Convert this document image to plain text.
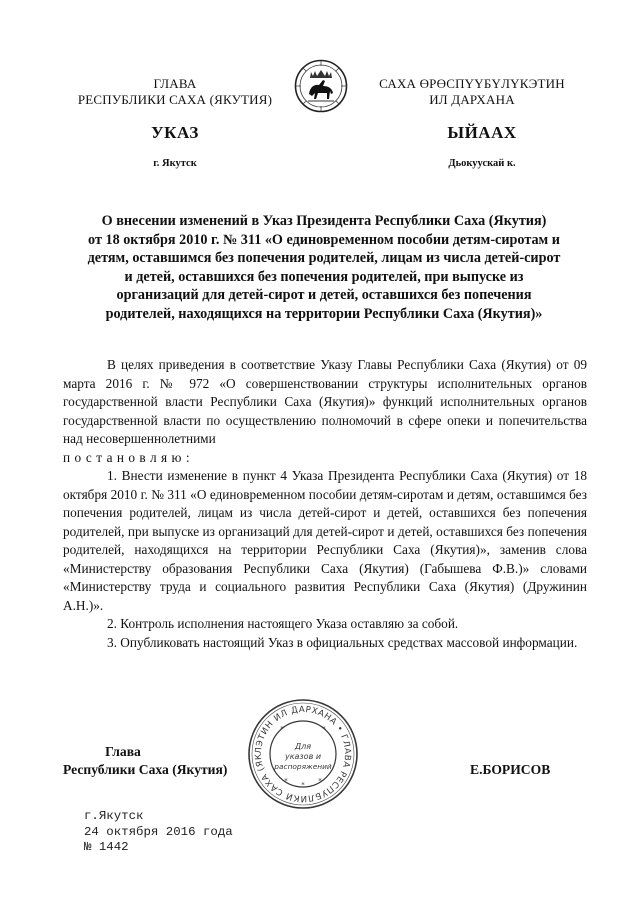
ГЛАВА
РЕСПУБЛИКИ САХА (ЯКУТИЯ)
САХА ӨРӨСПҮҮБҮЛҮКЭТИН
ИЛ ДАРХАНА
УКАЗ	ЫЙААХ
г. Якутск	Дьокуускай к.
О внесении изменений в Указ Президента Республики Саха (Якутия)
от 18 октября 2010 г. № 311 «О единовременном пособии детям-сиротам и
детям, оставшимся без попечения родителей, лицам из числа детей-сирот
и детей, оставшихся без попечения родителей, при выпуске из
организаций для детей-сирот и детей, оставшихся без попечения
родителей, находящихся на территории Республики Саха (Якутия)»

В целях приведения в соответствие Указу Главы Республики Саха (Якутия) от 09 марта 2016 г. № 972 «О совершенствовании структуры исполнительных органов государственной власти Республики Саха (Якутия)» функций исполнительных органов государственной власти по осуществлению полномочий в сфере опеки и попечительства над несовершеннолетними

постановляю:

1. Внести изменение в пункт 4 Указа Президента Республики Саха (Якутия) от 18 октября 2010 г. № 311 «О единовременном пособии детям-сиротам и детям, оставшимся без попечения родителей, лицам из числа детей-сирот и детей, оставшихся без попечения родителей, при выпуске из организаций для детей-сирот и детей, оставшихся без попечения родителей, находящихся на территории Республики Саха (Якутия)», заменив слова «Министерству образования Республики Саха (Якутия) (Габышева Ф.В.)» словами «Министерству труда и социального развития Республики Саха (Якутия) (Дружинин А.Н.)».

2. Контроль исполнения настоящего Указа оставляю за собой.

3. Опубликовать настоящий Указ в официальных средствах массовой информации.

Глава
Республики Саха (Якутия)	Е.БОРИСОВ
ЛЭТИН ИЛ ДАРХАНА • ГЛАВА РЕСПУБЛИКИ САХА (ЯК
Для
указов и
распоряжений
* * *
*	*
г.Якутск
24 октября 2016 года
№ 1442
